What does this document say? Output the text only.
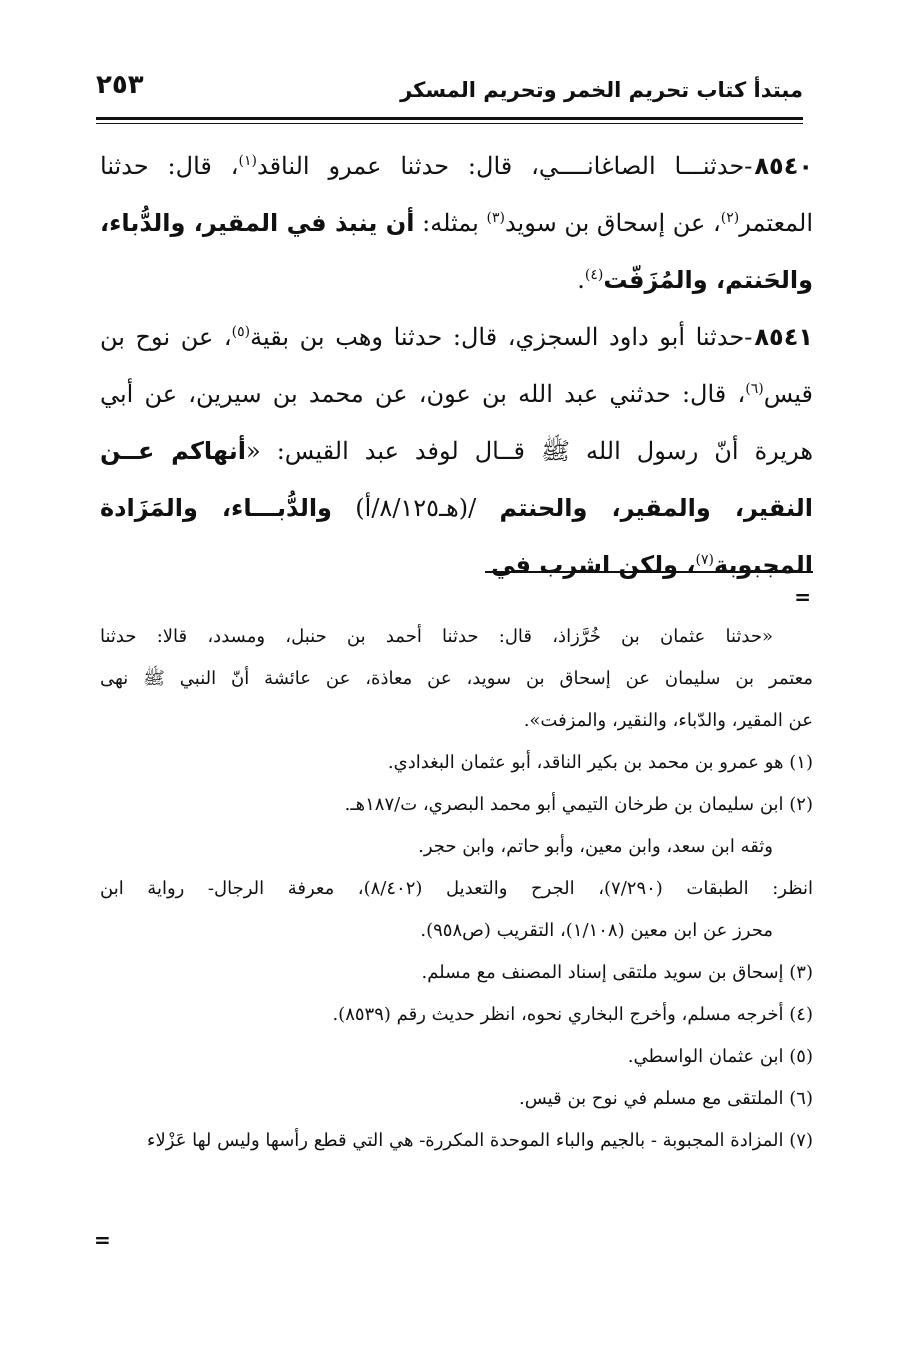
مبتدأ كتاب تحريم الخمر وتحريم المسكر
٢٥٣

٨٥٤٠-حدثنـــا الصاغانــــي، قال: حدثنا عمرو الناقد$^{(١)}$، قال: حدثنا المعتمر$^{(٢)}$، عن إسحاق بن سويد$^{(٣)}$ بمثله: أن ينبذ في المقير، والدُّباء، والحَنتم، والمُزَفّت$^{(٤)}$.

٨٥٤١-حدثنا أبو داود السجزي، قال: حدثنا وهب بن بقية$^{(٥)}$، عن نوح بن قيس$^{(٦)}$، قال: حدثني عبد الله بن عون، عن محمد بن سيرين، عن أبي هريرة أنّ رسول الله ﷺ قــال لوفد عبد القيس: «أنهاكم عــن النقير، والمقير، والحنتم /(هـ٨/١٢٥/أ) والدُّبـــاء، والمَزَادة المجبوبة$^{(٧)}$، ولكن اشرب في

=

«حدثنا عثمان بن خُرَّزاذ، قال: حدثنا أحمد بن حنبل، ومسدد، قالا: حدثنا

معتمر بن سليمان عن إسحاق بن سويد، عن معاذة، عن عائشة أنّ النبي ﷺ نهى

عن المقير، والدّباء، والنقير، والمزفت».

(١) هو عمرو بن محمد بن بكير الناقد، أبو عثمان البغدادي.

(٢) ابن سليمان بن طرخان التيمي أبو محمد البصري، ت/١٨٧هـ.

وثقه ابن سعد، وابن معين، وأبو حاتم، وابن حجر.

انظر: الطبقات (٧/٢٩٠)، الجرح والتعديل (٨/٤٠٢)، معرفة الرجال- رواية ابن

محرز عن ابن معين (١/١٠٨)، التقريب (ص٩٥٨).

(٣) إسحاق بن سويد ملتقى إسناد المصنف مع مسلم.

(٤) أخرجه مسلم، وأخرج البخاري نحوه، انظر حديث رقم (٨٥٣٩).

(٥) ابن عثمان الواسطي.

(٦) الملتقى مع مسلم في نوح بن قيس.

(٧) المزادة المجبوبة - بالجيم والباء الموحدة المكررة- هي التي قطع رأسها وليس لها عَزْلاء

=
